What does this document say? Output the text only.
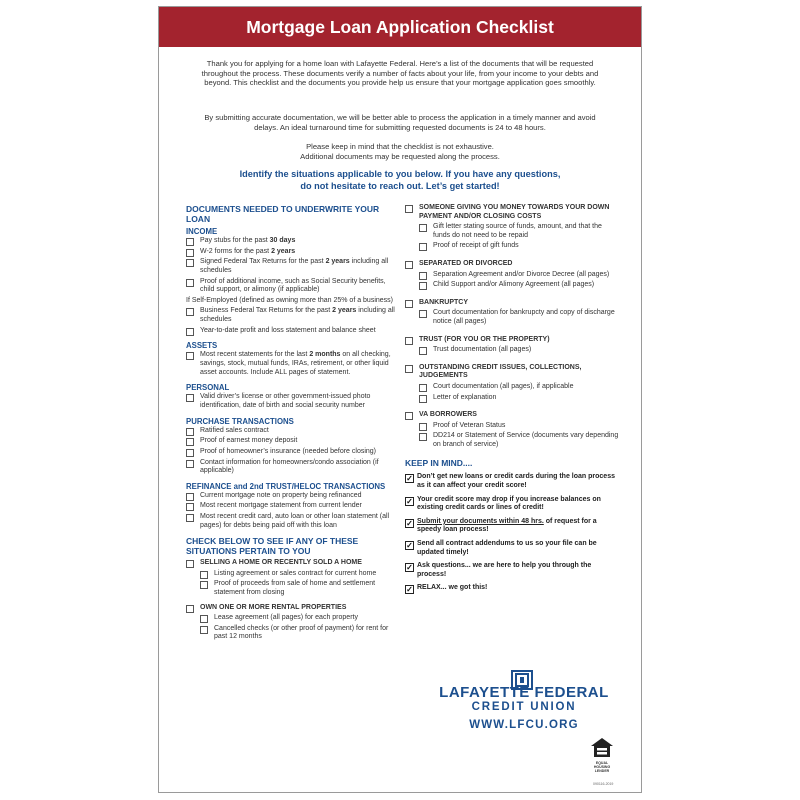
Mortgage Loan Application Checklist
Thank you for applying for a home loan with Lafayette Federal. Here’s a list of the documents that will be requested throughout the process. These documents verify a number of facts about your life, from your income to your debts and beyond. This checklist and the documents you provide help us ensure that your mortgage application goes smoothly.
By submitting accurate documentation, we will be better able to process the application in a timely manner and avoid delays. An ideal turnaround time for submitting requested documents is 24 to 48 hours.
Please keep in mind that the checklist is not exhaustive.
Additional documents may be requested along the process.
Identify the situations applicable to you below. If you have any questions,
do not hesitate to reach out. Let’s get started!
DOCUMENTS NEEDED TO UNDERWRITE YOUR LOAN
INCOME
Pay stubs for the past 30 days
W-2 forms for the past 2 years
Signed Federal Tax Returns for the past 2 years including all schedules
Proof of additional income, such as Social Security benefits, child support, or alimony (if applicable)
If Self-Employed (defined as owning more than 25% of a business)
Business Federal Tax Returns for the past 2 years including all schedules
Year-to-date profit and loss statement and balance sheet
ASSETS
Most recent statements for the last 2 months on all checking, savings, stock, mutual funds, IRAs, retirement, or other liquid asset accounts. Include ALL pages of statement.
PERSONAL
Valid driver’s license or other government-issued photo identification, date of birth and social security number
PURCHASE TRANSACTIONS
Ratified sales contract
Proof of earnest money deposit
Proof of homeowner’s insurance (needed before closing)
Contact information for homeowners/condo association (if applicable)
REFINANCE and 2nd TRUST/HELOC TRANSACTIONS
Current mortgage note on property being refinanced
Most recent mortgage statement from current lender
Most recent credit card, auto loan or other loan statement (all pages) for debts being paid off with this loan
CHECK BELOW TO SEE IF ANY OF THESE SITUATIONS PERTAIN TO YOU
SELLING A HOME OR RECENTLY SOLD A HOME
Listing agreement or sales contract for current home
Proof of proceeds from sale of home and settlement statement from closing
OWN ONE OR MORE RENTAL PROPERTIES
Lease agreement (all pages) for each property
Cancelled checks (or other proof of payment) for rent for past 12 months
SOMEONE GIVING YOU MONEY TOWARDS YOUR DOWN PAYMENT AND/OR CLOSING COSTS
Gift letter stating source of funds, amount, and that the funds do not need to be repaid
Proof of receipt of gift funds
SEPARATED OR DIVORCED
Separation Agreement and/or Divorce Decree (all pages)
Child Support and/or Alimony Agreement (all pages)
BANKRUPTCY
Court documentation for bankrupcty and copy of discharge notice (all pages)
TRUST (FOR YOU OR THE PROPERTY)
Trust documentation (all pages)
OUTSTANDING CREDIT ISSUES, COLLECTIONS, JUDGEMENTS
Court documentation (all pages), if applicable
Letter of explanation
VA BORROWERS
Proof of Veteran Status
DD214 or Statement of Service (documents vary depending on branch of service)
KEEP IN MIND....
✓ Don’t get new loans or credit cards during the loan process as it can affect your credit score!
✓ Your credit score may drop if you increase balances on existing credit cards or lines of credit!
✓ Submit your documents within 48 hrs. of request for a speedy loan process!
✓ Send all contract addendums to us so your file can be updated timely!
✓ Ask questions... we are here to help you through the process!
✓ RELAX... we got this!
LAFAYETTE FEDERAL
CREDIT UNION
WWW.LFCU.ORG
EQUAL HOUSING LENDER
090116-2019
